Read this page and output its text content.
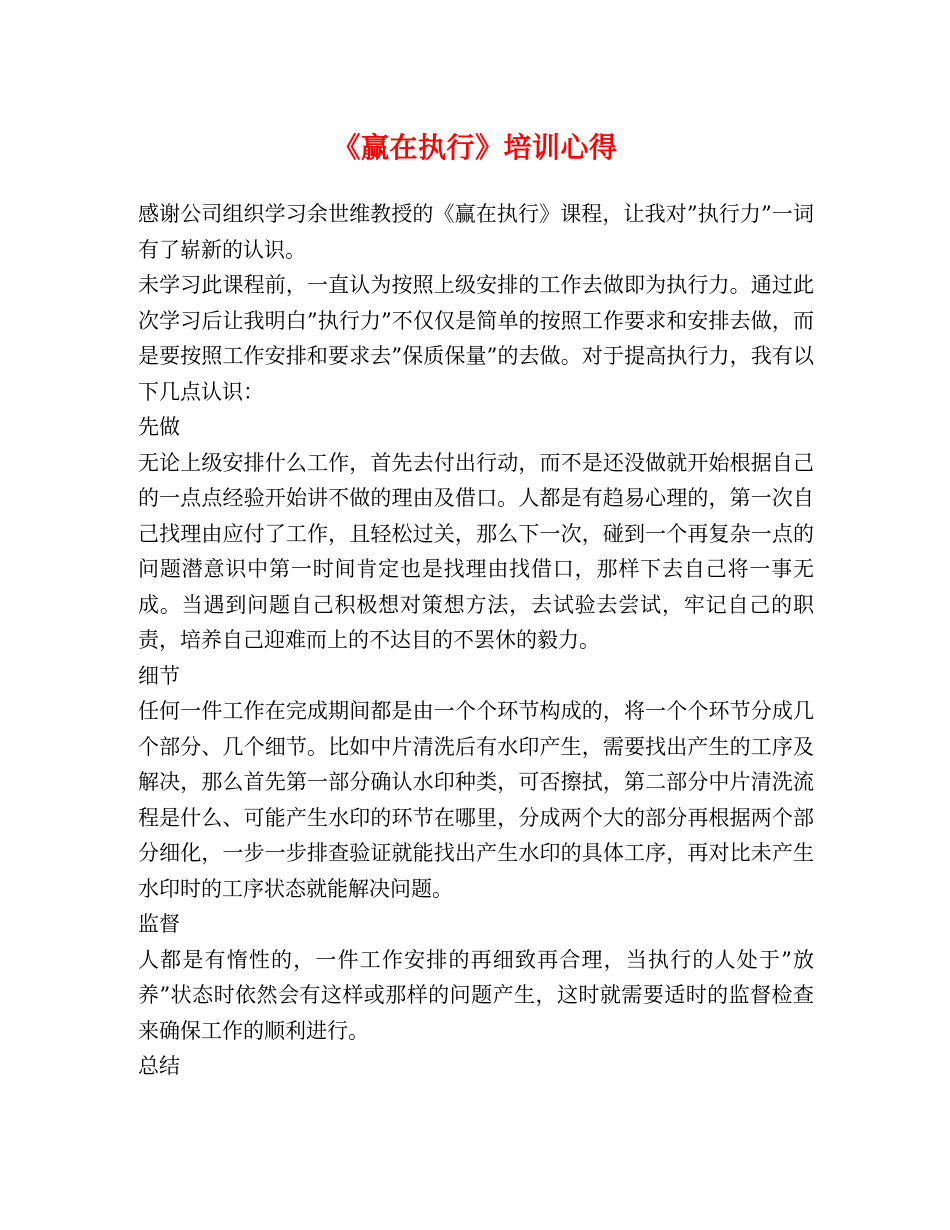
《赢在执行》培训心得

感谢公司组织学习余世维教授的《赢在执行》课程，让我对”执行力”一词有了崭新的认识。

未学习此课程前，一直认为按照上级安排的工作去做即为执行力。通过此次学习后让我明白”执行力”不仅仅是简单的按照工作要求和安排去做，而是要按照工作安排和要求去”保质保量”的去做。对于提高执行力，我有以下几点认识：

先做

无论上级安排什么工作，首先去付出行动，而不是还没做就开始根据自己的一点点经验开始讲不做的理由及借口。人都是有趋易心理的，第一次自己找理由应付了工作，且轻松过关，那么下一次，碰到一个再复杂一点的问题潜意识中第一时间肯定也是找理由找借口，那样下去自己将一事无成。当遇到问题自己积极想对策想方法，去试验去尝试，牢记自己的职责，培养自己迎难而上的不达目的不罢休的毅力。

细节

任何一件工作在完成期间都是由一个个环节构成的，将一个个环节分成几个部分、几个细节。比如中片清洗后有水印产生，需要找出产生的工序及解决，那么首先第一部分确认水印种类，可否擦拭，第二部分中片清洗流程是什么、可能产生水印的环节在哪里，分成两个大的部分再根据两个部分细化，一步一步排查验证就能找出产生水印的具体工序，再对比未产生水印时的工序状态就能解决问题。

监督

人都是有惰性的，一件工作安排的再细致再合理，当执行的人处于”放养”状态时依然会有这样或那样的问题产生，这时就需要适时的监督检查来确保工作的顺利进行。

总结
